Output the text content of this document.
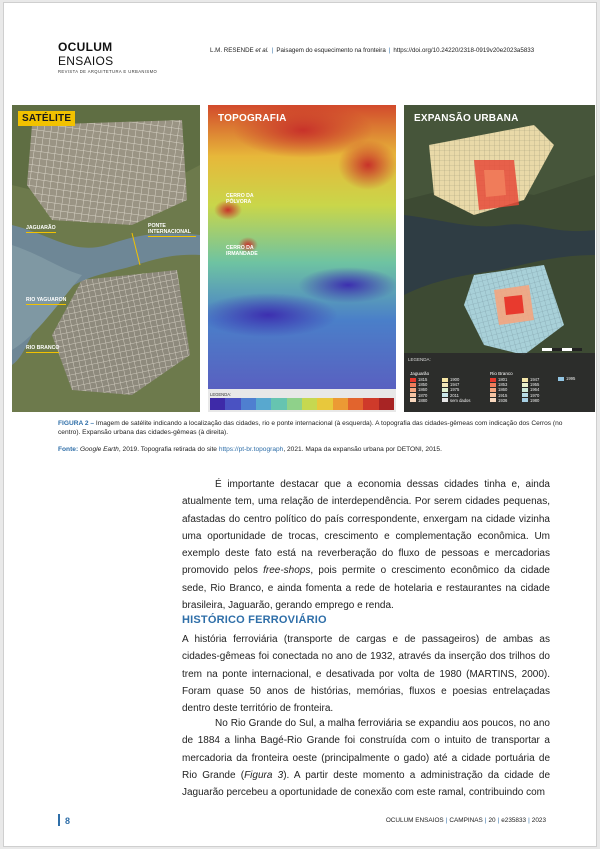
OCULUM ENSAIOS
REVISTA DE ARQUITETURA E URBANISMO
L.M. RESENDE et al. | Paisagem do esquecimento na fronteira | https://doi.org/10.24220/2318-0919v20e2023a5833
SATÉLITE
JAGUARÃO	PONTE INTERNACIONAL
RIO YAGUARON
RIO BRANCO
TOPOGRAFIA
CERRO DA PÓLVORA
CERRO DA IRMANDADE
LEGENDA:
EXPANSÃO URBANA
LEGENDA:
Jaguarão
1815	1900
1850	1947
1860	1975
1870	2011
1880	sem dados
Rio Branco
1801	1947
1853	1955
1860	1964
1915	1970
1936	1980
1995
FIGURA 2 – Imagem de satélite indicando a localização das cidades, rio e ponte internacional (à esquerda). A topografia das cidades-gêmeas com indicação dos Cerros (no centro). Expansão urbana das cidades-gêmeas (à direita).
Fonte: Google Earth, 2019. Topografia retirada do site https://pt-br.topograph, 2021. Mapa da expansão urbana por DETONI, 2015.
É importante destacar que a economia dessas cidades tinha e, ainda atualmente tem, uma relação de interdependência. Por serem cidades pequenas, afastadas do centro político do país correspondente, enxergam na cidade vizinha uma oportunidade de trocas, crescimento e complementação econômica. Um exemplo deste fato está na reverberação do fluxo de pessoas e mercadorias promovido pelos free-shops, pois permite o crescimento econômico da cidade sede, Rio Branco, e ainda fomenta a rede de hotelaria e restaurantes na cidade brasileira, Jaguarão, gerando emprego e renda.
HISTÓRICO FERROVIÁRIO
A história ferroviária (transporte de cargas e de passageiros) de ambas as cidades-gêmeas foi conectada no ano de 1932, através da inserção dos trilhos do trem na ponte internacional, e desativada por volta de 1980 (MARTINS, 2000). Foram quase 50 anos de histórias, memórias, fluxos e poesias entrelaçadas dentro deste território de fronteira.
No Rio Grande do Sul, a malha ferroviária se expandiu aos poucos, no ano de 1884 a linha Bagé-Rio Grande foi construída com o intuito de transportar a mercadoria da fronteira oeste (principalmente o gado) até a cidade portuária de Rio Grande (Figura 3). A partir deste momento a administração da cidade de Jaguarão percebeu a oportunidade de conexão com este ramal, contribuindo com
8	OCULUM ENSAIOS | CAMPINAS | 20 | e235833 | 2023
